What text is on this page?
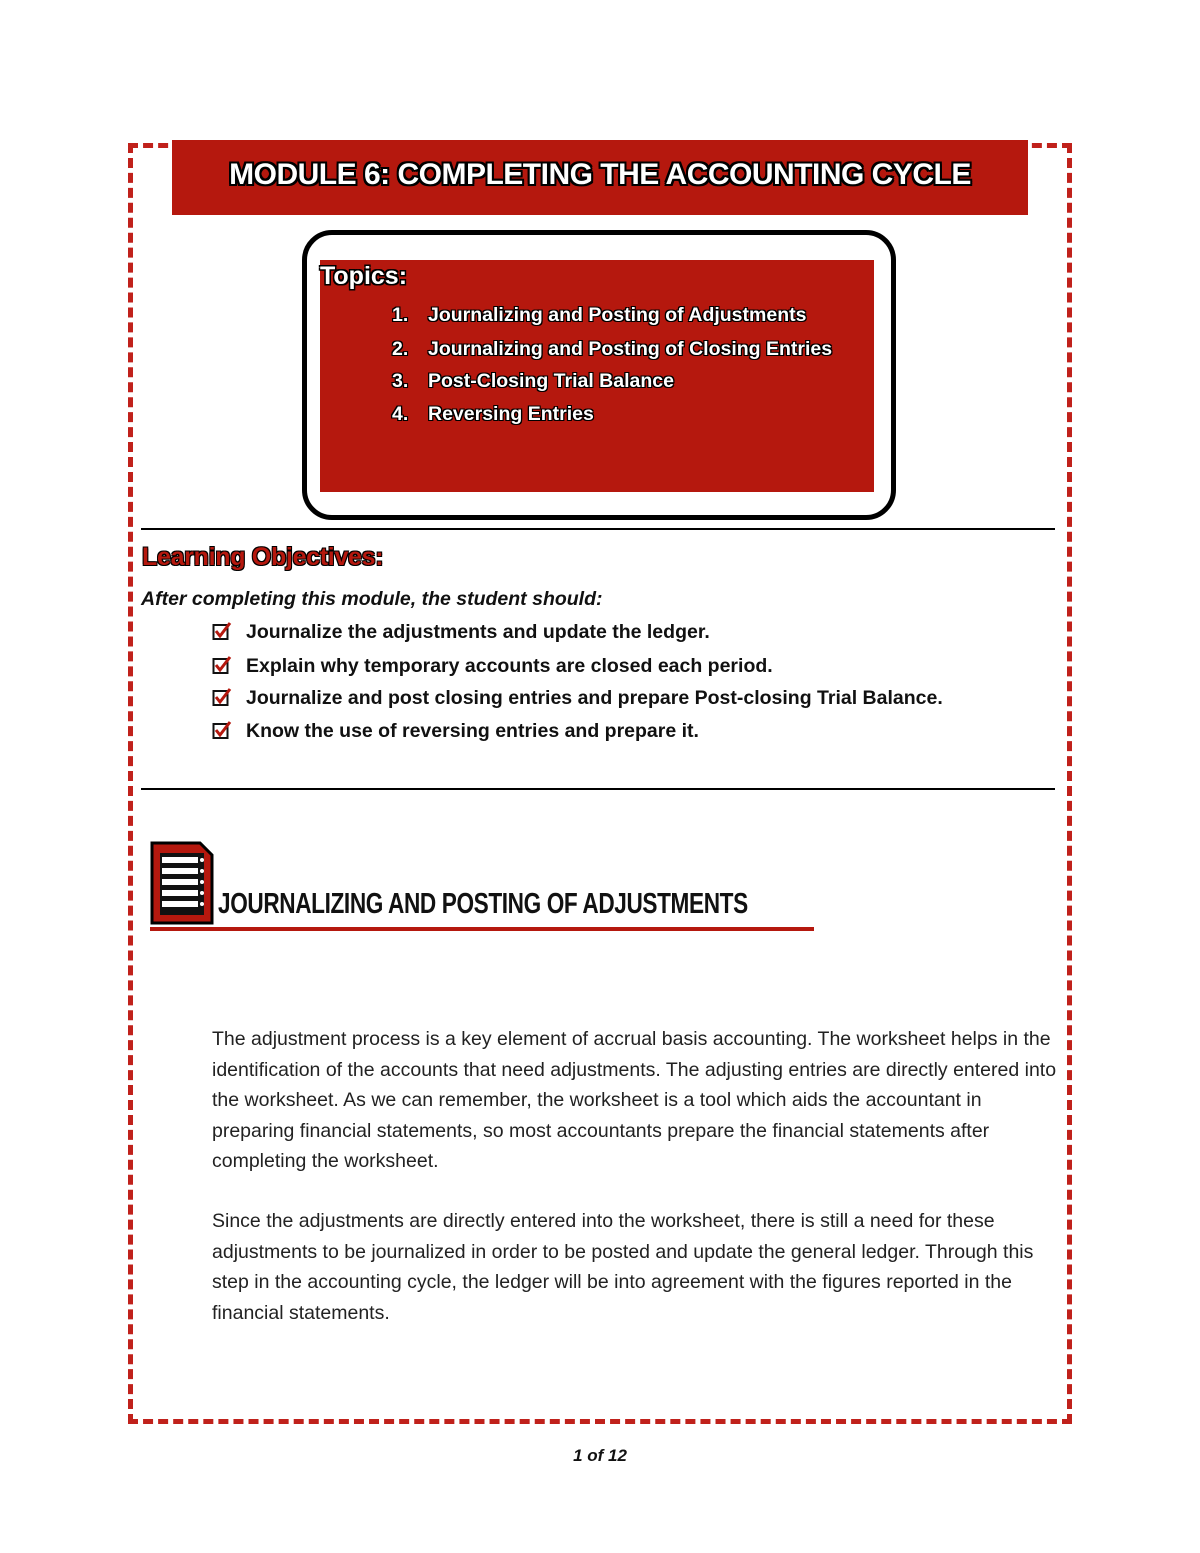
MODULE 6: COMPLETING THE ACCOUNTING CYCLE
Topics:
1. Journalizing and Posting of Adjustments
2. Journalizing and Posting of Closing Entries
3. Post-Closing Trial Balance
4. Reversing Entries
Learning Objectives:
After completing this module, the student should:
Journalize the adjustments and update the ledger.
Explain why temporary accounts are closed each period.
Journalize and post closing entries and prepare Post-closing Trial Balance.
Know the use of reversing entries and prepare it.
JOURNALIZING AND POSTING OF ADJUSTMENTS

The adjustment process is a key element of accrual basis accounting. The worksheet helps in the identification of the accounts that need adjustments. The adjusting entries are directly entered into the worksheet. As we can remember, the worksheet is a tool which aids the accountant in preparing financial statements, so most accountants prepare the financial statements after completing the worksheet.

Since the adjustments are directly entered into the worksheet, there is still a need for these adjustments to be journalized in order to be posted and update the general ledger. Through this step in the accounting cycle, the ledger will be into agreement with the figures reported in the financial statements.

1 of 12
